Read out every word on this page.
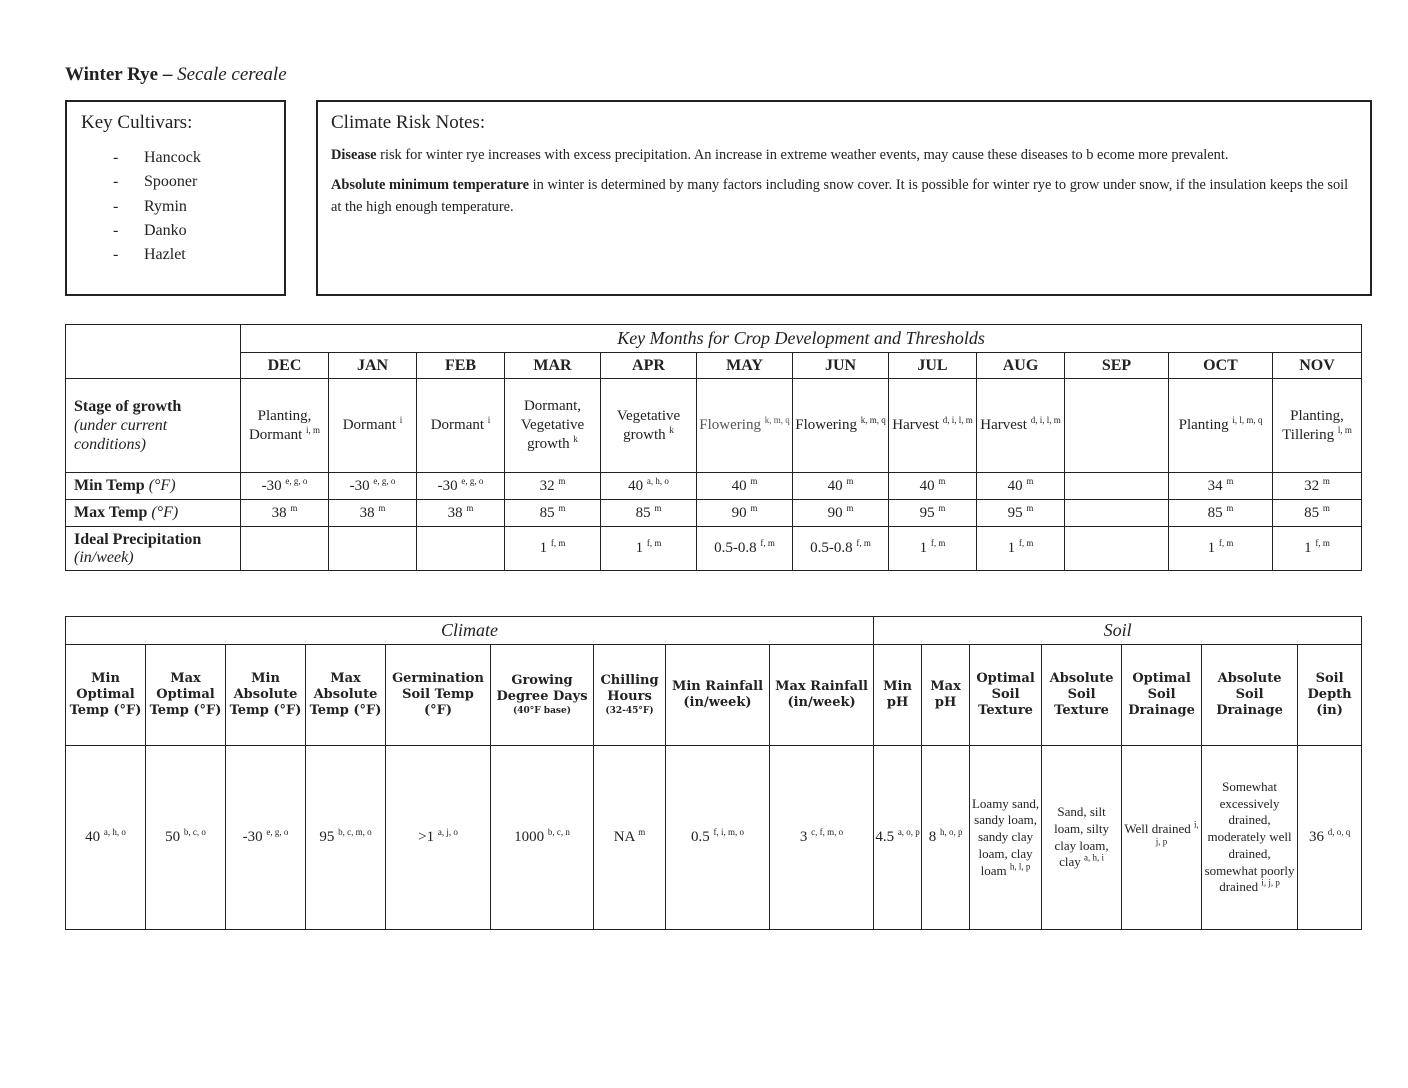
Winter Rye – Secale cereale
Key Cultivars:
- Hancock
- Spooner
- Rymin
- Danko
- Hazlet
Climate Risk Notes:

Disease risk for winter rye increases with excess precipitation. An increase in extreme weather events, may cause these diseases to b ecome more prevalent.

Absolute minimum temperature in winter is determined by many factors including snow cover. It is possible for winter rye to grow under snow, if the insulation keeps the soil at the high enough temperature.

	Key Months for Crop Development and Thresholds											
	DEC	JAN	FEB	MAR	APR	MAY	JUN	JUL	AUG	SEP	OCT	NOV
Stage of growth
(under current conditions)	Planting, Dormant $^{i, m}$	Dormant $^i$	Dormant $^i$	Dormant, Vegetative growth $^k$	Vegetative growth $^k$	Flowering $^{k, m, q}$	Flowering $^{k, m, q}$	Harvest $^{d, i, l, m}$	Harvest $^{d, i, l, m}$		Planting $^{i, l, m, q}$	Planting, Tillering $^{l, m}$
Min Temp (°F)	-30 $^{e, g, o}$	-30 $^{e, g, o}$	-30 $^{e, g, o}$	32 $^m$	40 $^{a, h, o}$	40 $^m$	40 $^m$	40 $^m$	40 $^m$		34 $^m$	32 $^m$
Max Temp (°F)	38 $^m$	38 $^m$	38 $^m$	85 $^m$	85 $^m$	90 $^m$	90 $^m$	95 $^m$	95 $^m$		85 $^m$	85 $^m$
Ideal Precipitation
(in/week)				1 $^{f, m}$	1 $^{f, m}$	0.5-0.8 $^{f, m}$	0.5-0.8 $^{f, m}$	1 $^{f, m}$	1 $^{f, m}$		1 $^{f, m}$	1 $^{f, m}$
Climate									Soil						
Min Optimal Temp (°F)	Max Optimal Temp (°F)	Min Absolute Temp (°F)	Max Absolute Temp (°F)	Germination Soil Temp (°F)	Growing Degree Days
(40°F base)	Chilling Hours
(32-45°F)	Min Rainfall (in/week)	Max Rainfall (in/week)	Min pH	Max pH	Optimal Soil Texture	Absolute Soil Texture	Optimal Soil Drainage	Absolute Soil Drainage	Soil Depth (in)
40 $^{a, h, o}$	50 $^{b, c, o}$	-30 $^{e, g, o}$	95 $^{b, c, m, o}$	>1 $^{a, j, o}$	1000 $^{b, c, n}$	NA $^m$	0.5 $^{f, i, m, o}$	3 $^{c, f, m, o}$	4.5 $^{a, o, p}$	8 $^{h, o, p}$	Loamy sand, sandy loam, sandy clay loam, clay loam $^{h, l, p}$	Sand, silt loam, silty clay loam, clay $^{a, h, i}$	Well drained $^{i, j, p}$	Somewhat excessively drained, moderately well drained, somewhat poorly drained $^{i, j, p}$	36 $^{d, o, q}$
